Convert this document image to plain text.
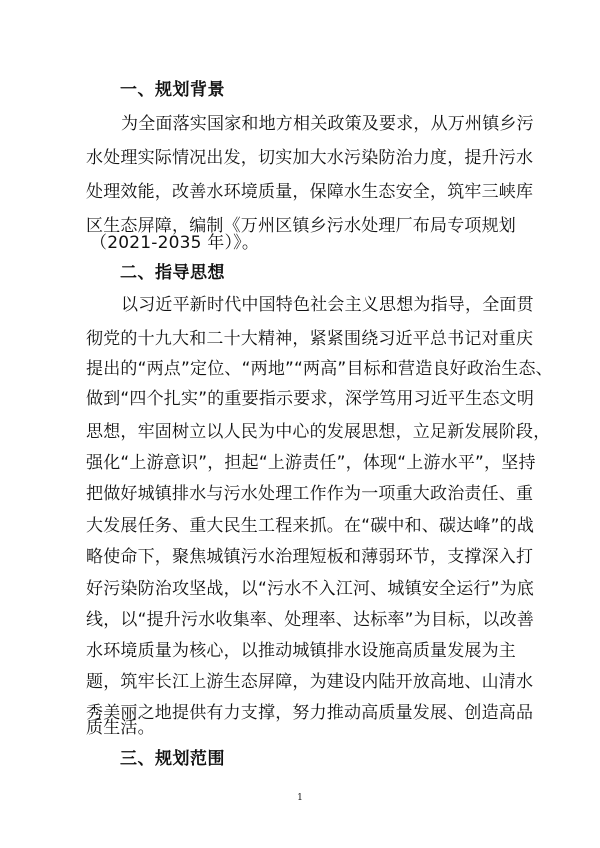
一、规划背景
为全面落实国家和地方相关政策及要求，从万州镇乡污
水处理实际情况出发，切实加大水污染防治力度，提升污水
处理效能，改善水环境质量，保障水生态安全，筑牢三峡库
区生态屏障，编制《万州区镇乡污水处理厂布局专项规划
（2021-2035 年）》。
二、指导思想
以习近平新时代中国特色社会主义思想为指导，全面贯
彻党的十九大和二十大精神，紧紧围绕习近平总书记对重庆
提出的“两点”定位、“两地”“两高”目标和营造良好政治生态、
做到“四个扎实”的重要指示要求，深学笃用习近平生态文明
思想，牢固树立以人民为中心的发展思想，立足新发展阶段，
强化“上游意识”，担起“上游责任”，体现“上游水平”，坚持
把做好城镇排水与污水处理工作作为一项重大政治责任、重
大发展任务、重大民生工程来抓。在“碳中和、碳达峰”的战
略使命下，聚焦城镇污水治理短板和薄弱环节，支撑深入打
好污染防治攻坚战，以“污水不入江河、城镇安全运行”为底
线，以“提升污水收集率、处理率、达标率”为目标，以改善
水环境质量为核心，以推动城镇排水设施高质量发展为主
题，筑牢长江上游生态屏障，为建设内陆开放高地、山清水
秀美丽之地提供有力支撑，努力推动高质量发展、创造高品
质生活。
三、规划范围
1
